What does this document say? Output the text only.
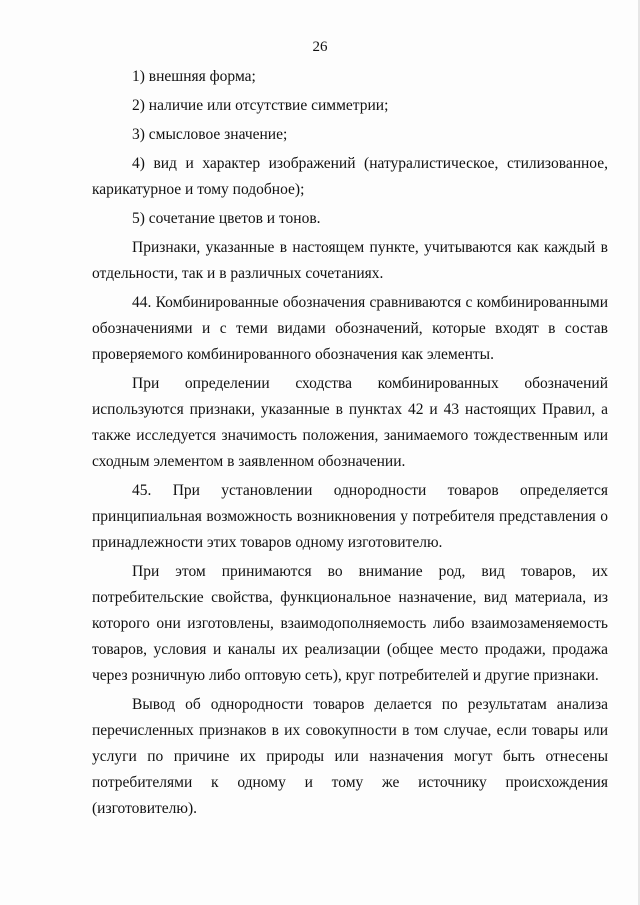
26

1) внешняя форма;

2) наличие или отсутствие симметрии;

3) смысловое значение;

4) вид и характер изображений (натуралистическое, стилизованное, карикатурное и тому подобное);

5) сочетание цветов и тонов.

Признаки, указанные в настоящем пункте, учитываются как каждый в отдельности, так и в различных сочетаниях.

44. Комбинированные обозначения сравниваются с комбинированными обозначениями и с теми видами обозначений, которые входят в состав проверяемого комбинированного обозначения как элементы.

При определении сходства комбинированных обозначений используются признаки, указанные в пунктах 42 и 43 настоящих Правил, а также исследуется значимость положения, занимаемого тождественным или сходным элементом в заявленном обозначении.

45. При установлении однородности товаров определяется принципиальная возможность возникновения у потребителя представления о принадлежности этих товаров одному изготовителю.

При этом принимаются во внимание род, вид товаров, их потребительские свойства, функциональное назначение, вид материала, из которого они изготовлены, взаимодополняемость либо взаимозаменяемость товаров, условия и каналы их реализации (общее место продажи, продажа через розничную либо оптовую сеть), круг потребителей и другие признаки.

Вывод об однородности товаров делается по результатам анализа перечисленных признаков в их совокупности в том случае, если товары или услуги по причине их природы или назначения могут быть отнесены потребителями к одному и тому же источнику происхождения (изготовителю).
